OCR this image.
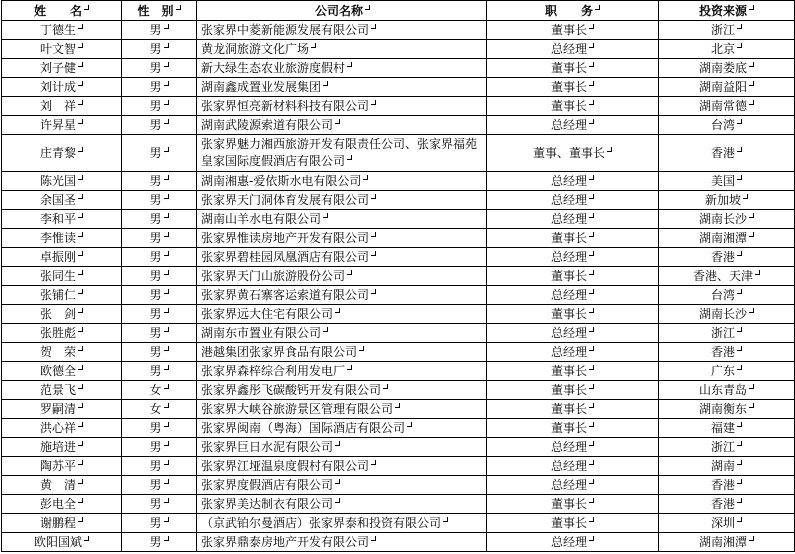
姓　　名	性　别	公司名称	职　　务	投资来源
丁德生	男	张家界中菱新能源发展有限公司	董事长	浙江
叶文智	男	黄龙洞旅游文化广场	总经理	北京
刘子健	男	新大绿生态农业旅游度假村	董事长	湖南娄底
刘计成	男	湖南鑫成置业发展集团	董事长	湖南益阳
刘　祥	男	张家界恒亮新材料科技有限公司	董事长	湖南常德
许昇星	男	湖南武陵源索道有限公司	总经理	台湾
庄青黎	男	张家界魅力湘西旅游开发有限责任公司、张家界福苑皇家国际度假酒店有限公司	董事、董事长	香港
陈光国	男	湖南湘惠-爱依斯水电有限公司	总经理	美国
余国圣	男	张家界天门洞体育发展有限公司	总经理	新加坡
李和平	男	湖南山羊水电有限公司	总经理	湖南长沙
李惟读	男	张家界惟读房地产开发有限公司	董事长	湖南湘潭
卓振刚	男	张家界碧桂园凤凰酒店有限公司	总经理	香港
张同生	男	张家界天门山旅游股份公司	董事长	香港、天津
张铺仁	男	张家界黄石寨客运索道有限公司	总经理	台湾
张　剑	男	张家界远大住宅有限公司	董事长	湖南长沙
张胜彪	男	湖南东市置业有限公司	总经理	浙江
贺　荣	男	港越集团张家界食品有限公司	总经理	香港
欧德全	男	张家界森梓综合利用发电厂	董事长	广东
范景飞	女	张家界鑫彤飞碳酸钙开发有限公司	董事长	山东青岛
罗嗣清	女	张家界大峡谷旅游景区管理有限公司	董事长	湖南衡东
洪心祥	男	张家界闽南（粤海）国际酒店有限公司	董事长	福建
施培进	男	张家界巨日水泥有限公司	总经理	浙江
陶苏平	男	张家界江垭温泉度假村有限公司	总经理	湖南
黄　清	男	张家界度假酒店有限公司	总经理	香港
彭电全	男	张家界美达制衣有限公司	董事长	香港
谢鹏程	男	（京武铂尔曼酒店）张家界泰和投资有限公司	董事长	深圳
欧阳国斌	男	张家界鼎泰房地产开发有限公司	总经理	湖南湘潭
